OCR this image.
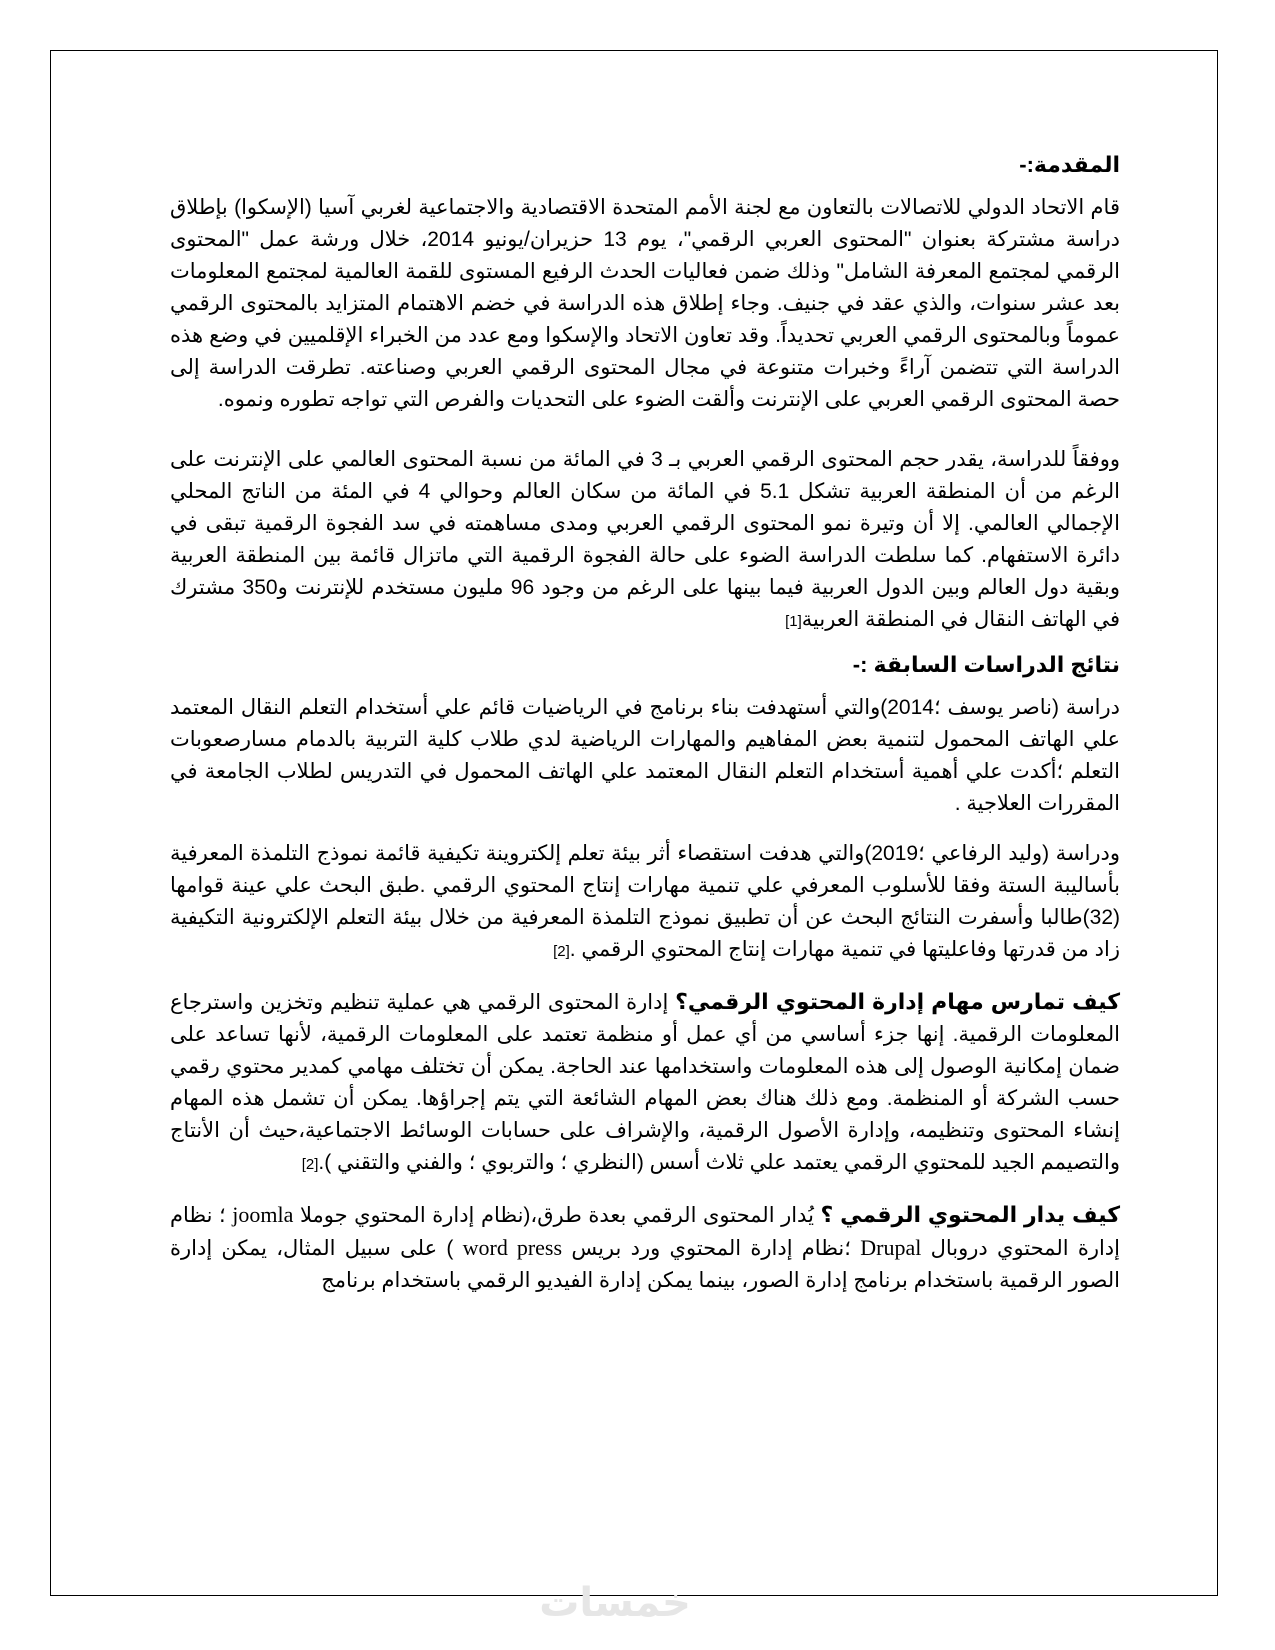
المقدمة:-

قام الاتحاد الدولي للاتصالات بالتعاون مع لجنة الأمم المتحدة الاقتصادية والاجتماعية لغربي آسيا (الإسكوا) بإطلاق دراسة مشتركة بعنوان "المحتوى العربي الرقمي"، يوم 13 حزيران/يونيو 2014، خلال ورشة عمل "المحتوى الرقمي لمجتمع المعرفة الشامل" وذلك ضمن فعاليات الحدث الرفيع المستوى للقمة العالمية لمجتمع المعلومات بعد عشر سنوات، والذي عقد في جنيف. وجاء إطلاق هذه الدراسة في خضم الاهتمام المتزايد بالمحتوى الرقمي عموماً وبالمحتوى الرقمي العربي تحديداً. وقد تعاون الاتحاد والإسكوا ومع عدد من الخبراء الإقلميين في وضع هذه الدراسة التي تتضمن آراءً وخبرات متنوعة في مجال المحتوى الرقمي العربي وصناعته. تطرقت الدراسة إلى حصة المحتوى الرقمي العربي على الإنترنت وألقت الضوء على التحديات والفرص التي تواجه تطوره ونموه.

ووفقاً للدراسة، يقدر حجم المحتوى الرقمي العربي بـ 3 في المائة من نسبة المحتوى العالمي على الإنترنت على الرغم من أن المنطقة العربية تشكل 5.1 في المائة من سكان العالم وحوالي 4 في المئة من الناتج المحلي الإجمالي العالمي. إلا أن وتيرة نمو المحتوى الرقمي العربي ومدى مساهمته في سد الفجوة الرقمية تبقى في دائرة الاستفهام. كما سلطت الدراسة الضوء على حالة الفجوة الرقمية التي ماتزال قائمة بين المنطقة العربية وبقية دول العالم وبين الدول العربية فيما بينها على الرغم من وجود 96 مليون مستخدم للإنترنت و350 مشترك في الهاتف النقال في المنطقة العربية[1]

نتائج الدراسات السابقة :-

دراسة (ناصر يوسف ؛2014)والتي أستهدفت بناء برنامج في الرياضيات قائم علي أستخدام التعلم النقال المعتمد علي الهاتف المحمول لتنمية بعض المفاهيم والمهارات الرياضية لدي طلاب كلية التربية بالدمام مسارصعوبات التعلم ؛أكدت علي أهمية أستخدام التعلم النقال المعتمد علي الهاتف المحمول في التدريس لطلاب الجامعة في المقررات العلاجية .

ودراسة (وليد الرفاعي ؛2019)والتي هدفت استقصاء أثر بيئة تعلم إلكتروينة تكيفية قائمة نموذج التلمذة المعرفية بأساليبة الستة وفقا للأسلوب المعرفي علي تنمية مهارات إنتاج المحتوي الرقمي .طبق البحث علي عينة قوامها (32)طالبا وأسفرت النتائج البحث عن أن تطبيق نموذج التلمذة المعرفية من خلال بيئة التعلم الإلكترونية التكيفية زاد من قدرتها وفاعليتها في تنمية مهارات إنتاج المحتوي الرقمي .[2]

كيف تمارس مهام إدارة المحتوي الرقمي؟ إدارة المحتوى الرقمي هي عملية تنظيم وتخزين واسترجاع المعلومات الرقمية. إنها جزء أساسي من أي عمل أو منظمة تعتمد على المعلومات الرقمية، لأنها تساعد على ضمان إمكانية الوصول إلى هذه المعلومات واستخدامها عند الحاجة. يمكن أن تختلف مهامي كمدير محتوي رقمي حسب الشركة أو المنظمة. ومع ذلك هناك بعض المهام الشائعة التي يتم إجراؤها. يمكن أن تشمل هذه المهام إنشاء المحتوى وتنظيمه، وإدارة الأصول الرقمية، والإشراف على حسابات الوسائط الاجتماعية،حيث أن الأنتاج والتصيمم الجيد للمحتوي الرقمي يعتمد علي ثلاث أسس (النظري ؛ والتربوي ؛ والفني والتقني ).[2]

كيف يدار المحتوي الرقمي ؟ يُدار المحتوى الرقمي بعدة طرق،(نظام إدارة المحتوي جوملا joomla ؛ نظام إدارة المحتوي دروبال Drupal ؛نظام إدارة المحتوي ورد بريس word press ) على سبيل المثال، يمكن إدارة الصور الرقمية باستخدام برنامج إدارة الصور، بينما يمكن إدارة الفيديو الرقمي باستخدام برنامج

خمسات
